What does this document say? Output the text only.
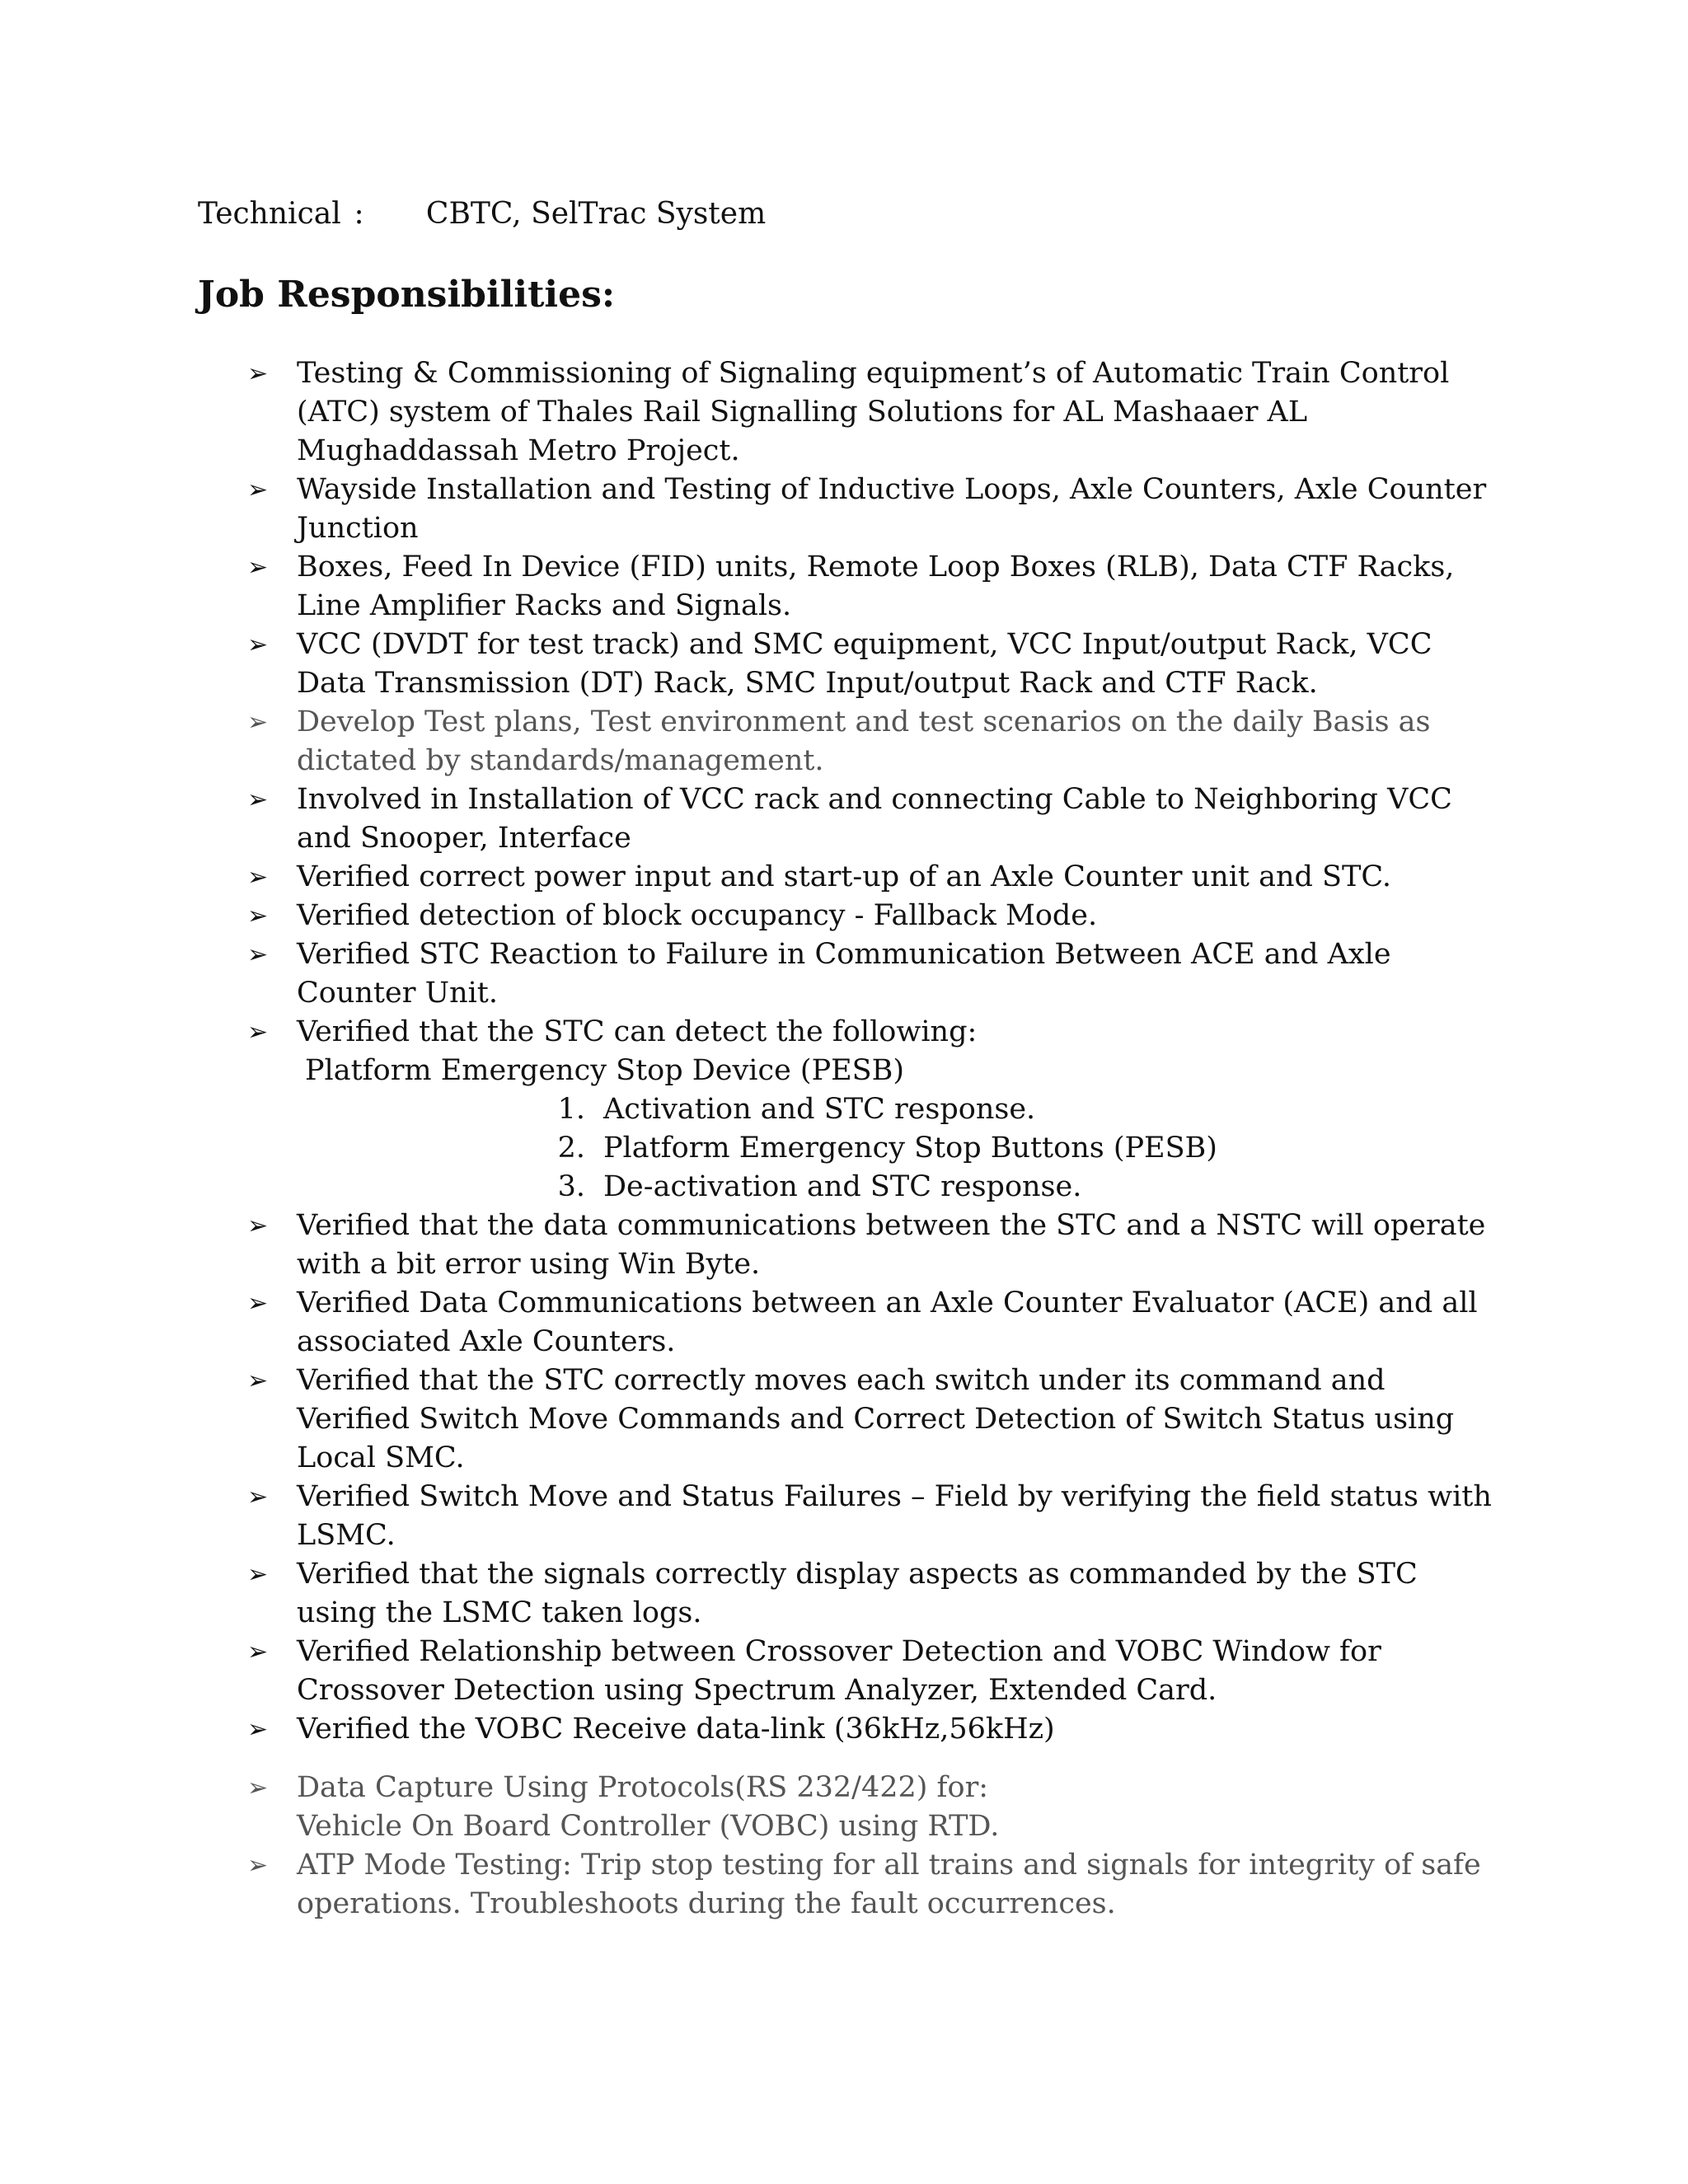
Technical : CBTC, SelTrac System
Job Responsibilities:
➢ Testing & Commissioning of Signaling equipment’s of Automatic Train Control (ATC) system of Thales Rail Signalling Solutions for AL Mashaaer AL Mughaddassah Metro Project.
➢ Wayside Installation and Testing of Inductive Loops, Axle Counters, Axle Counter Junction
➢ Boxes, Feed In Device (FID) units, Remote Loop Boxes (RLB), Data CTF Racks, Line Amplifier Racks and Signals.
➢ VCC (DVDT for test track) and SMC equipment, VCC Input/output Rack, VCC Data Transmission (DT) Rack, SMC Input/output Rack and CTF Rack.
➢ Develop Test plans, Test environment and test scenarios on the daily Basis as dictated by standards/management.
➢ Involved in Installation of VCC rack and connecting Cable to Neighboring VCC and Snooper, Interface
➢ Verified correct power input and start-up of an Axle Counter unit and STC.
➢ Verified detection of block occupancy - Fallback Mode.
➢ Verified STC Reaction to Failure in Communication Between ACE and Axle Counter Unit.
➢ Verified that the STC can detect the following:
Platform Emergency Stop Device (PESB)
1. Activation and STC response.
2. Platform Emergency Stop Buttons (PESB)
3. De-activation and STC response.
➢ Verified that the data communications between the STC and a NSTC will operate with a bit error using Win Byte.
➢ Verified Data Communications between an Axle Counter Evaluator (ACE) and all associated Axle Counters.
➢ Verified that the STC correctly moves each switch under its command and Verified Switch Move Commands and Correct Detection of Switch Status using Local SMC.
➢ Verified Switch Move and Status Failures – Field by verifying the field status with LSMC.
➢ Verified that the signals correctly display aspects as commanded by the STC using the LSMC taken logs.
➢ Verified Relationship between Crossover Detection and VOBC Window for Crossover Detection using Spectrum Analyzer, Extended Card.
➢ Verified the VOBC Receive data-link (36kHz,56kHz)
➢ Data Capture Using Protocols(RS 232/422) for:
Vehicle On Board Controller (VOBC) using RTD.
➢ ATP Mode Testing: Trip stop testing for all trains and signals for integrity of safe operations. Troubleshoots during the fault occurrences.
